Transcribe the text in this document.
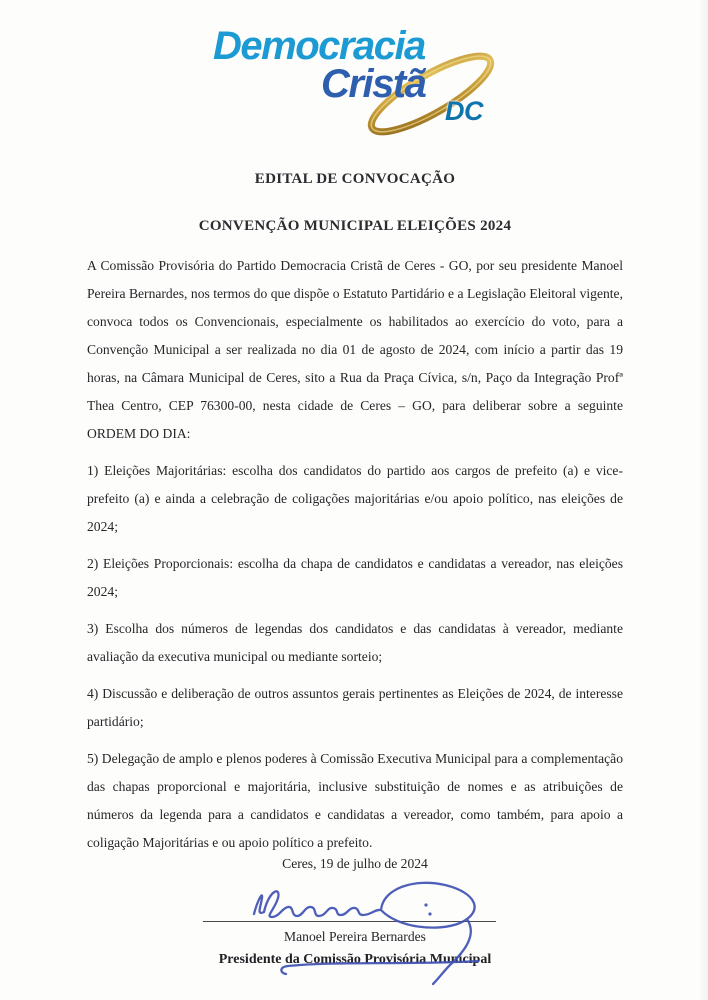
Democracia
Cristã
DC
EDITAL DE CONVOCAÇÃO
CONVENÇÃO MUNICIPAL ELEIÇÕES 2024

A Comissão Provisória do Partido Democracia Cristã de Ceres - GO, por seu presidente Manoel Pereira Bernardes, nos termos do que dispõe o Estatuto Partidário e a Legislação Eleitoral vigente, convoca todos os Convencionais, especialmente os habilitados ao exercício do voto, para a Convenção Municipal a ser realizada no dia 01 de agosto de 2024, com início a partir das 19 horas, na Câmara Municipal de Ceres, sito a Rua da Praça Cívica, s/n, Paço da Integração Profª Thea Centro, CEP 76300-00, nesta cidade de Ceres – GO, para deliberar sobre a seguinte ORDEM DO DIA:

1) Eleições Majoritárias: escolha dos candidatos do partido aos cargos de prefeito (a) e vice-prefeito (a) e ainda a celebração de coligações majoritárias e/ou apoio político, nas eleições de 2024;

2) Eleições Proporcionais: escolha da chapa de candidatos e candidatas a vereador, nas eleições 2024;

3) Escolha dos números de legendas dos candidatos e das candidatas à vereador, mediante avaliação da executiva municipal ou mediante sorteio;

4) Discussão e deliberação de outros assuntos gerais pertinentes as Eleições de 2024, de interesse partidário;

5) Delegação de amplo e plenos poderes à Comissão Executiva Municipal para a complementação das chapas proporcional e majoritária, inclusive substituição de nomes e as atribuições de números da legenda para a candidatos e candidatas a vereador, como também, para apoio a coligação Majoritárias e ou apoio político a prefeito.

Ceres, 19 de julho de 2024
Manoel Pereira Bernardes
Presidente da Comissão Provisória Municipal
